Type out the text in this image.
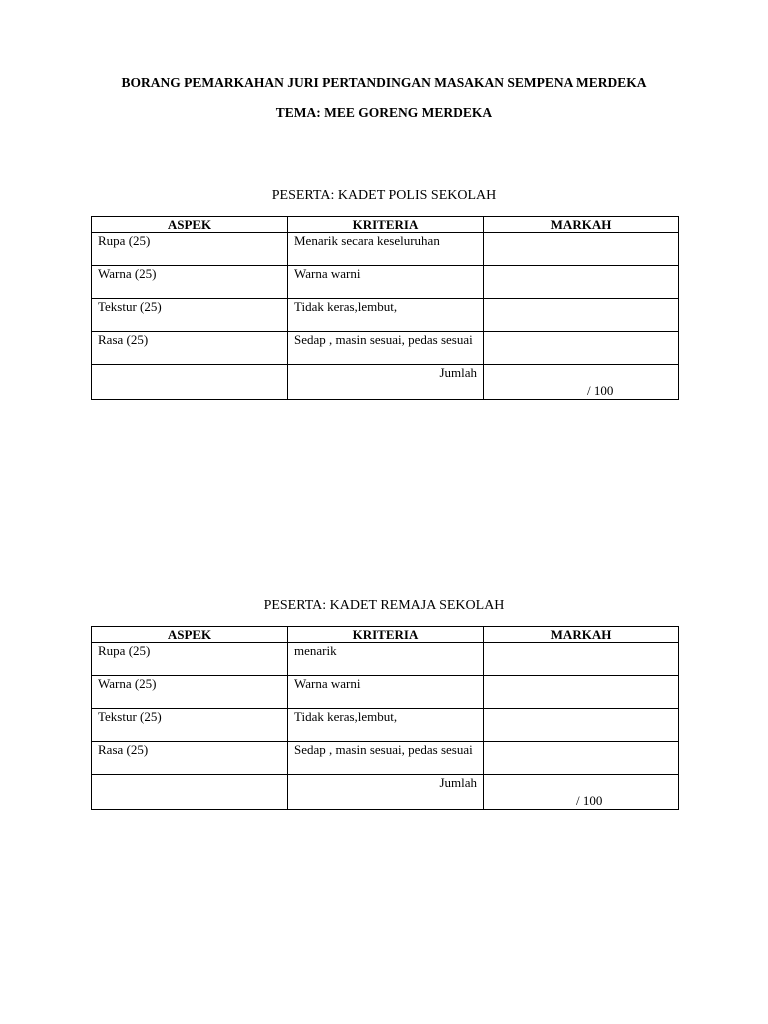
BORANG PEMARKAHAN JURI PERTANDINGAN MASAKAN SEMPENA MERDEKA
TEMA: MEE GORENG MERDEKA
PESERTA: KADET POLIS SEKOLAH
ASPEK	KRITERIA	MARKAH
Rupa (25)	Menarik secara keseluruhan	
Warna (25)	Warna warni	
Tekstur (25)	Tidak keras,lembut,	
Rasa (25)	Sedap , masin sesuai, pedas sesuai	
	Jumlah	/ 100
PESERTA: KADET REMAJA SEKOLAH
ASPEK	KRITERIA	MARKAH
Rupa (25)	menarik	
Warna (25)	Warna warni	
Tekstur (25)	Tidak keras,lembut,	
Rasa (25)	Sedap , masin sesuai, pedas sesuai	
	Jumlah	/ 100
